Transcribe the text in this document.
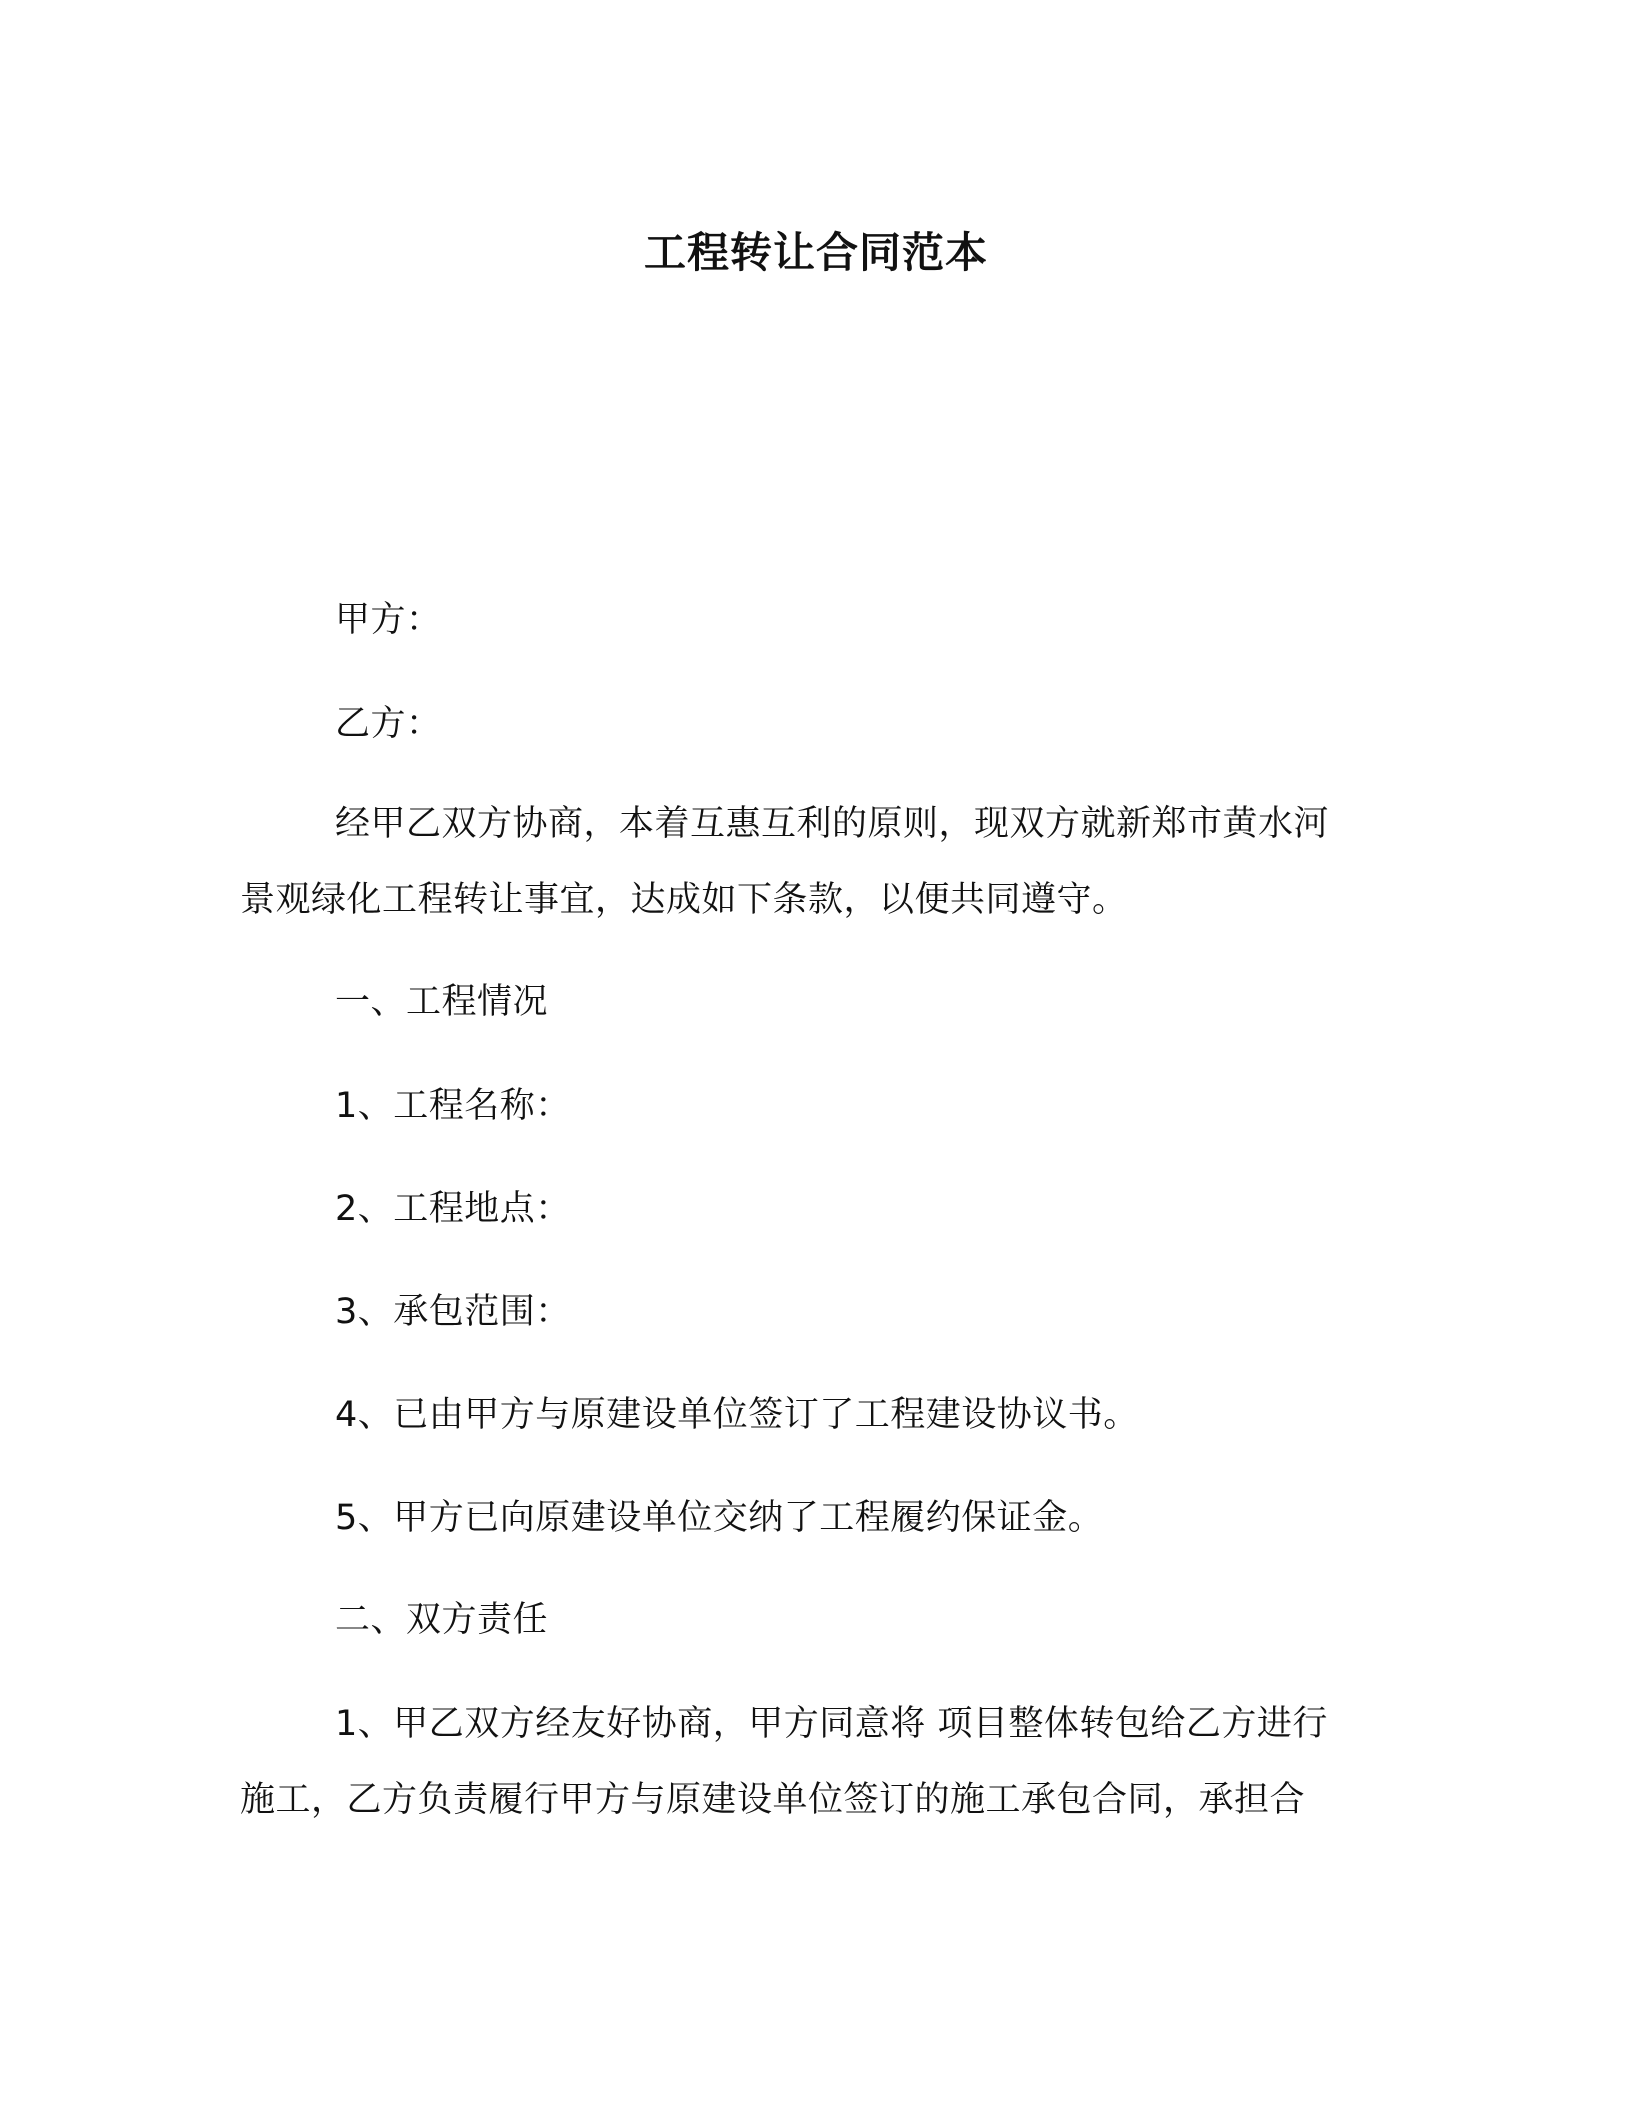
工程转让合同范本
甲方：
乙方：
经甲乙双方协商，本着互惠互利的原则，现双方就新郑市黄水河
景观绿化工程转让事宜，达成如下条款，以便共同遵守。
一、工程情况
1、工程名称：
2、工程地点：
3、承包范围：
4、已由甲方与原建设单位签订了工程建设协议书。
5、甲方已向原建设单位交纳了工程履约保证金。
二、双方责任
1、甲乙双方经友好协商，甲方同意将 项目整体转包给乙方进行
施工，乙方负责履行甲方与原建设单位签订的施工承包合同，承担合
